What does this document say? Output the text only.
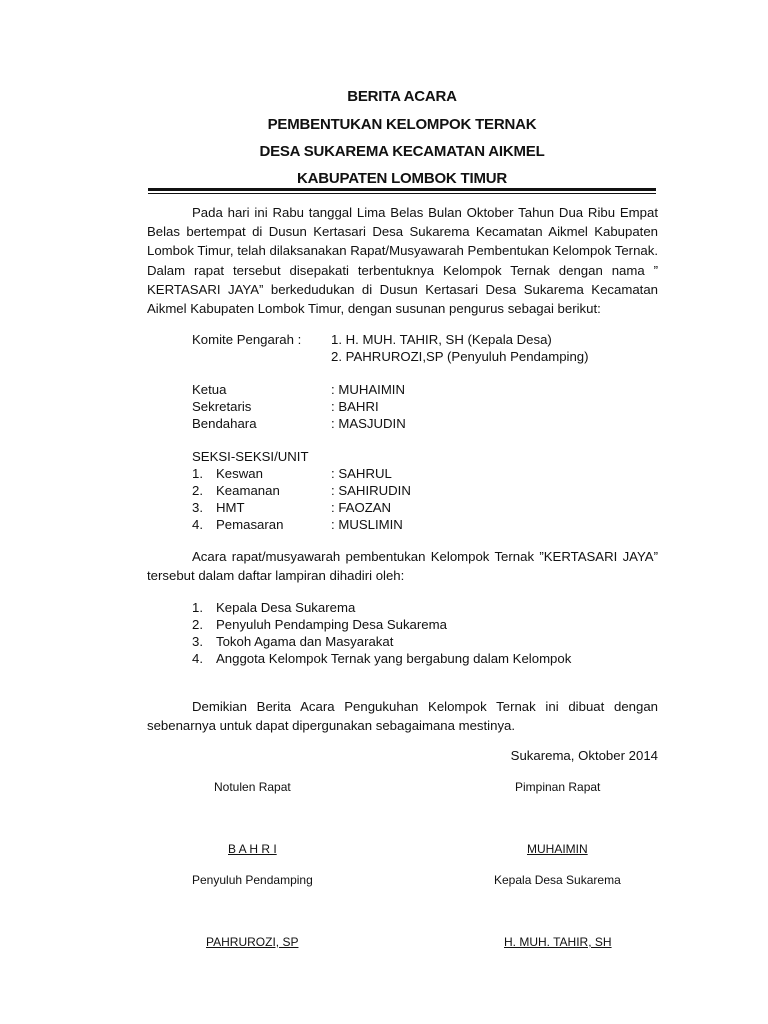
BERITA ACARA
PEMBENTUKAN KELOMPOK TERNAK
DESA SUKAREMA KECAMATAN AIKMEL
KABUPATEN LOMBOK TIMUR

Pada hari ini Rabu tanggal Lima Belas Bulan Oktober Tahun Dua Ribu Empat Belas bertempat di Dusun Kertasari Desa Sukarema Kecamatan Aikmel Kabupaten Lombok Timur, telah dilaksanakan Rapat/Musyawarah Pembentukan Kelompok Ternak. Dalam rapat tersebut disepakati terbentuknya Kelompok Ternak dengan nama ” KERTASARI JAYA” berkedudukan di Dusun Kertasari Desa Sukarema Kecamatan Aikmel Kabupaten Lombok Timur, dengan susunan pengurus sebagai berikut:

Komite Pengarah : 1. H. MUH. TAHIR, SH (Kepala Desa)
2. PAHRUROZI,SP (Penyuluh Pendamping)
Ketua	: MUHAIMIN
Sekretaris	: BAHRI
Bendahara	: MASJUDIN
SEKSI-SEKSI/UNIT
1. Keswan	: SAHRUL
2. Keamanan	: SAHIRUDIN
3. HMT	: FAOZAN
4. Pemasaran	: MUSLIMIN

Acara rapat/musyawarah pembentukan Kelompok Ternak ”KERTASARI JAYA” tersebut dalam daftar lampiran dihadiri oleh:

1. Kepala Desa Sukarema
2. Penyuluh Pendamping Desa Sukarema
3. Tokoh Agama dan Masyarakat
4. Anggota Kelompok Ternak yang bergabung dalam Kelompok

Demikian Berita Acara Pengukuhan Kelompok Ternak ini dibuat dengan sebenarnya untuk dapat dipergunakan sebagaimana mestinya.

Sukarema, Oktober 2014
Notulen Rapat	Pimpinan Rapat
B A H R I	MUHAIMIN
Penyuluh Pendamping	Kepala Desa Sukarema
PAHRUROZI, SP	H. MUH. TAHIR, SH
